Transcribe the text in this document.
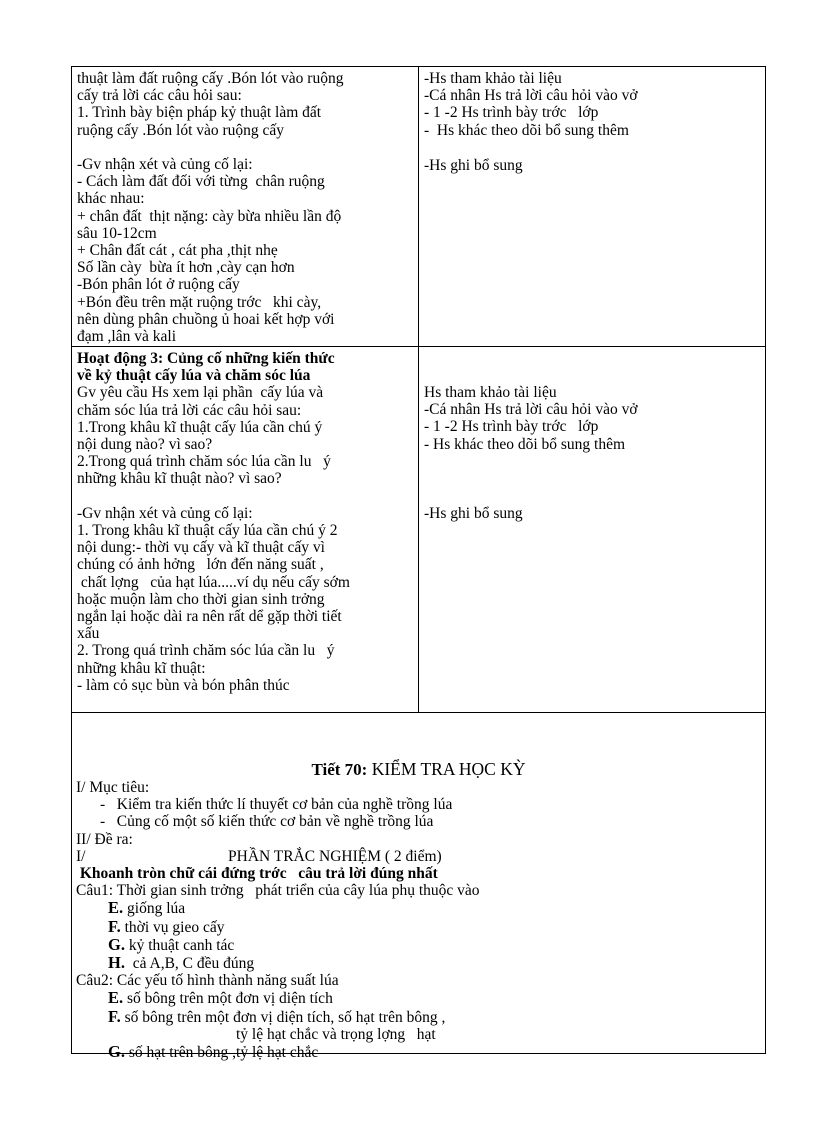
thuật làm đất ruộng cấy .Bón lót vào ruộng
cấy trả lời các câu hỏi sau:
1. Trình bày biện pháp kỷ thuật làm đất
ruộng cấy .Bón lót vào ruộng cấy

-Gv nhận xét và củng cố lại:
- Cách làm đất đối với từng  chân ruộng
khác nhau:
+ chân đất  thịt nặng: cày bừa nhiều lần độ
sâu 10-12cm
+ Chân đất cát , cát pha ,thịt nhẹ
Số lần cày  bừa ít hơn ,cày cạn hơn
-Bón phân lót ở ruộng cấy
+Bón đều trên mặt ruộng trớc   khi cày,
nên dùng phân chuồng ủ hoai kết hợp với
đạm ,lân và kali
-Hs tham khảo tài liệu
-Cá nhân Hs trả lời câu hỏi vào vở
- 1 -2 Hs trình bày trớc   lớp
-  Hs khác theo dõi bổ sung thêm
-Hs ghi bổ sung
Hoạt động 3: Củng cố những kiến thức
về kỷ thuật cấy lúa và chăm sóc lúa
Gv yêu cầu Hs xem lại phần  cấy lúa và
chăm sóc lúa trả lời các câu hỏi sau:
1.Trong khâu kĩ thuật cấy lúa cần chú ý
nội dung nào? vì sao?
2.Trong quá trình chăm sóc lúa cần lu   ý
những khâu kĩ thuật nào? vì sao?

-Gv nhận xét và củng cố lại:
1. Trong khâu kĩ thuật cấy lúa cần chú ý 2
nội dung:- thời vụ cấy và kĩ thuật cấy vì
chúng có ảnh hởng   lớn đến năng suất ,
chất lợng   của hạt lúa.....ví dụ nếu cấy sớm
hoặc muộn làm cho thời gian sinh trởng
ngắn lại hoặc dài ra nên rất dể gặp thời tiết
xấu
2. Trong quá trình chăm sóc lúa cần lu   ý
những khâu kĩ thuật:
- làm cỏ sục bùn và bón phân thúc
Hs tham khảo tài liệu
-Cá nhân Hs trả lời câu hỏi vào vở
- 1 -2 Hs trình bày trớc   lớp
- Hs khác theo dõi bổ sung thêm
-Hs ghi bổ sung
Tiết 70: KIỂM TRA HỌC KỲ
I/ Mục tiêu:
-   Kiểm tra kiến thức lí thuyết cơ bản của nghề trồng lúa
-   Củng cố một số kiến thức cơ bản về nghề trồng lúa
II/ Đề ra:
I/	PHẦN TRẮC NGHIỆM ( 2 điểm)
Khoanh tròn chữ cái đứng trớc   câu trả lời đúng nhất
Câu1: Thời gian sinh trởng   phát triển của cây lúa phụ thuộc vào
E. giống lúa
F. thời vụ gieo cấy
G. kỷ thuật canh tác
H.  cả A,B, C đều đúng
Câu2: Các yếu tố hình thành năng suất lúa
E. số bông trên một đơn vị diện tích
F. số bông trên một đơn vị diện tích, số hạt trên bông ,
tỷ lệ hạt chắc và trọng lợng   hạt
G. số hạt trên bông ,tỷ lệ hạt chắc
